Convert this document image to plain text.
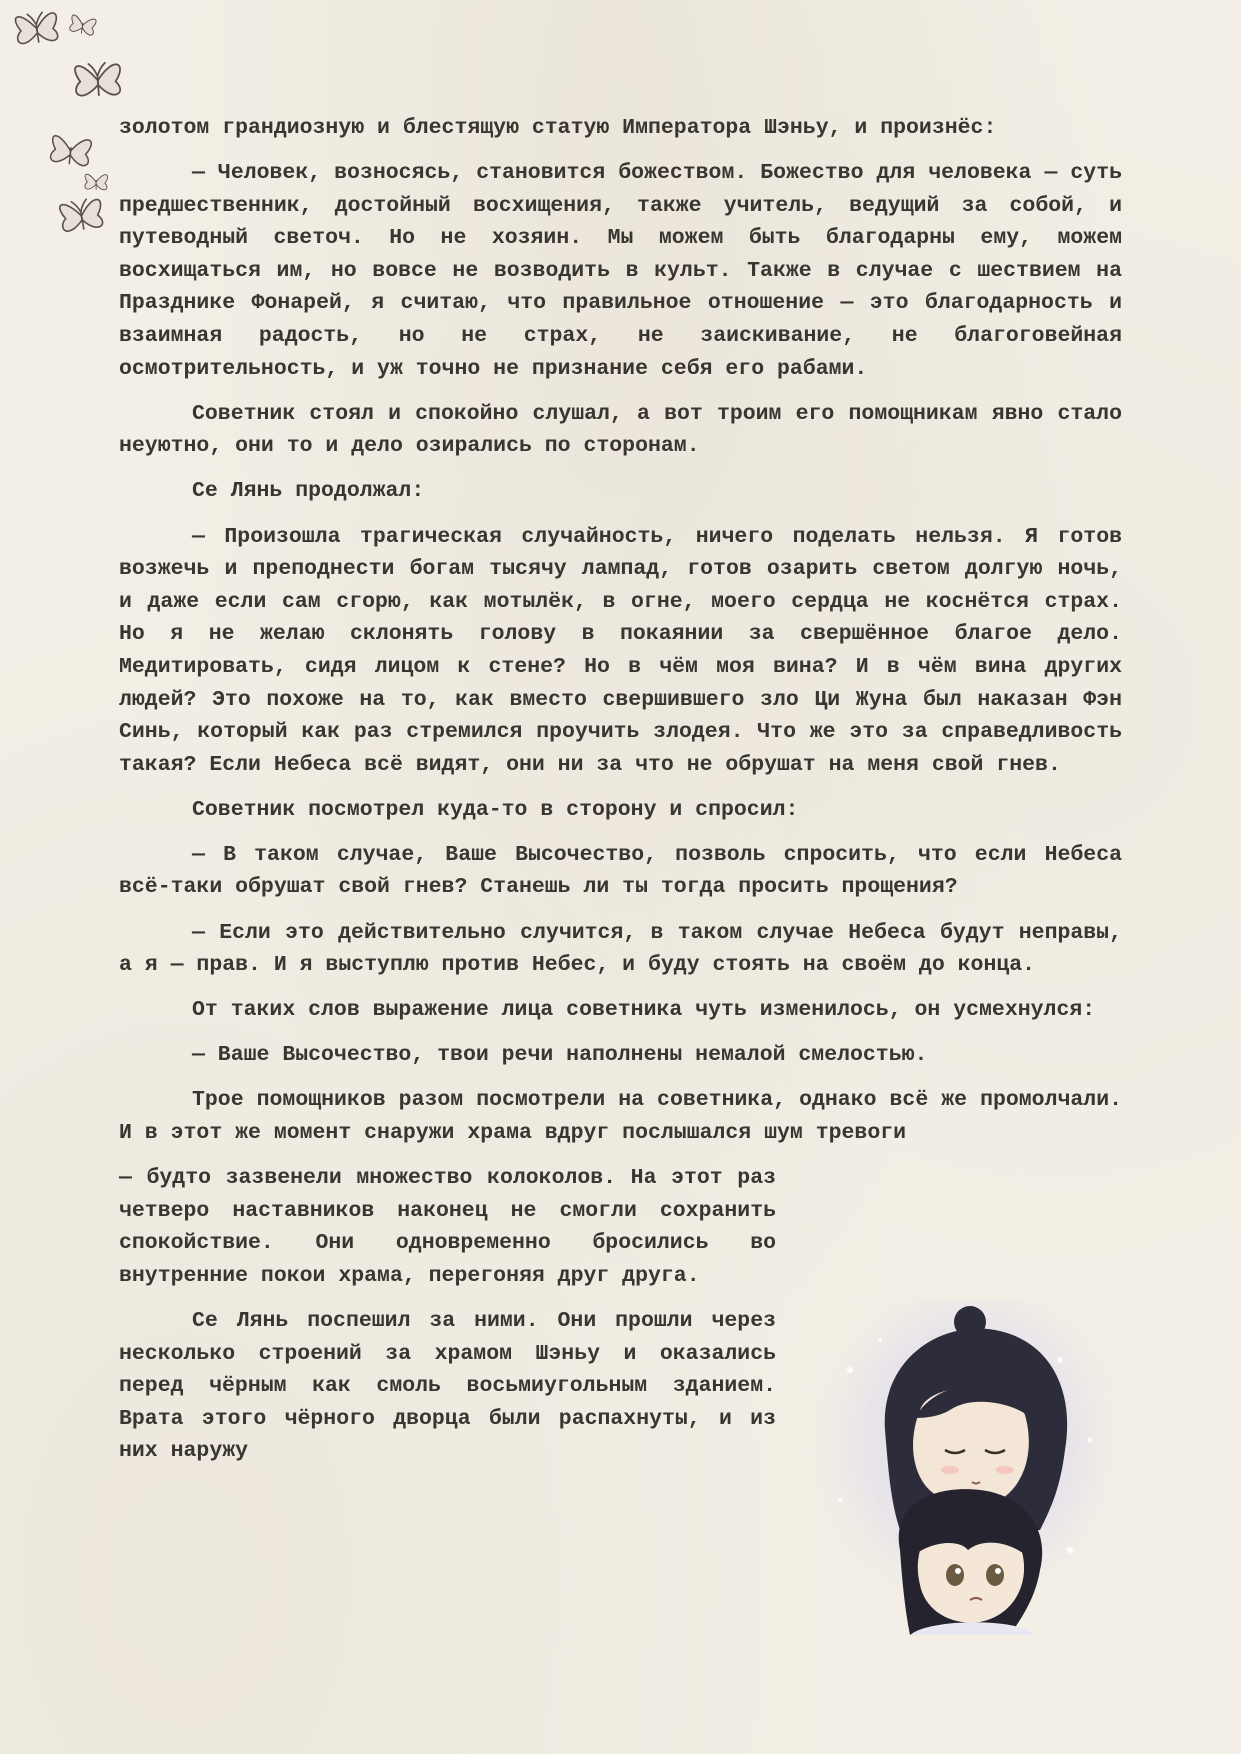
золотом грандиозную и блестящую статую Императора Шэньу, и произнёс:

— Человек, возносясь, становится божеством. Божество для человека — суть предшественник, достойный восхищения, также учитель, ведущий за собой, и путеводный светоч. Но не хозяин. Мы можем быть благодарны ему, можем восхищаться им, но вовсе не возводить в культ. Также в случае с шествием на Празднике Фонарей, я считаю, что правильное отношение — это благодарность и взаимная радость, но не страх, не заискивание, не благоговейная осмотрительность, и уж точно не признание себя его рабами.

Советник стоял и спокойно слушал, а вот троим его помощникам явно стало неуютно, они то и дело озирались по сторонам.

Се Лянь продолжал:

— Произошла трагическая случайность, ничего поделать нельзя. Я готов возжечь и преподнести богам тысячу лампад, готов озарить светом долгую ночь, и даже если сам сгорю, как мотылёк, в огне, моего сердца не коснётся страх. Но я не желаю склонять голову в покаянии за свершённое благое дело. Медитировать, сидя лицом к стене? Но в чём моя вина? И в чём вина других людей? Это похоже на то, как вместо свершившего зло Ци Жуна был наказан Фэн Синь, который как раз стремился проучить злодея. Что же это за справедливость такая? Если Небеса всё видят, они ни за что не обрушат на меня свой гнев.

Советник посмотрел куда-то в сторону и спросил:

— В таком случае, Ваше Высочество, позволь спросить, что если Небеса всё-таки обрушат свой гнев? Станешь ли ты тогда просить прощения?

— Если это действительно случится, в таком случае Небеса будут неправы, а я — прав. И я выступлю против Небес, и буду стоять на своём до конца.

От таких слов выражение лица советника чуть изменилось, он усмехнулся:

— Ваше Высочество, твои речи наполнены немалой смелостью.

Трое помощников разом посмотрели на советника, однако всё же промолчали. И в этот же момент снаружи храма вдруг послышался шум тревоги

— будто зазвенели множество колоколов. На этот раз четверо наставников наконец не смогли сохранить спокойствие. Они одновременно бросились во внутренние покои храма, перегоняя друг друга.

Се Лянь поспешил за ними. Они прошли через несколько строений за храмом Шэньу и оказались перед чёрным как смоль восьмиугольным зданием. Врата этого чёрного дворца были распахнуты, и из них наружу
